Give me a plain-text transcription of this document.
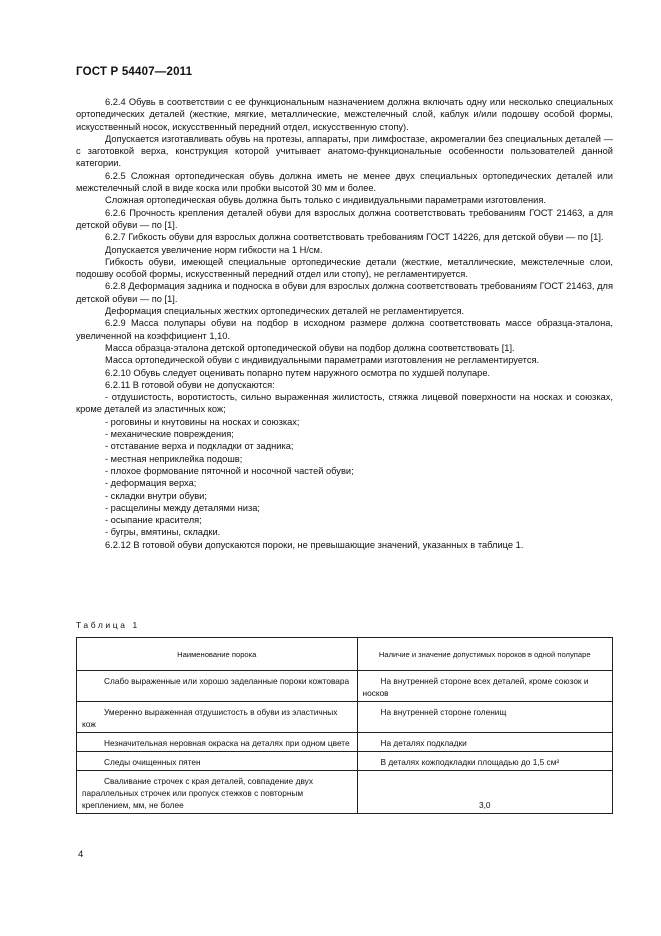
ГОСТ Р 54407—2011

6.2.4 Обувь в соответствии с ее функциональным назначением должна включать одну или несколько специальных ортопедических деталей (жесткие, мягкие, металлические, межстелечный слой, каблук и/или подошву особой формы, искусственный носок, искусственный передний отдел, искусственную стопу).

Допускается изготавливать обувь на протезы, аппараты, при лимфостазе, акромегалии без специальных деталей — с заготовкой верха, конструкция которой учитывает анатомо-функциональные особенности пользователей данной категории.

6.2.5 Сложная ортопедическая обувь должна иметь не менее двух специальных ортопедических деталей или межстелечный слой в виде коска или пробки высотой 30 мм и более.

Сложная ортопедическая обувь должна быть только с индивидуальными параметрами изготовления.

6.2.6 Прочность крепления деталей обуви для взрослых должна соответствовать требованиям ГОСТ 21463, а для детской обуви — по [1].

6.2.7 Гибкость обуви для взрослых должна соответствовать требованиям ГОСТ 14226, для детской обуви — по [1].

Допускается увеличение норм гибкости на 1 Н/см.

Гибкость обуви, имеющей специальные ортопедические детали (жесткие, металлические, межстелечные слои, подошву особой формы, искусственный передний отдел или стопу), не регламентируется.

6.2.8 Деформация задника и подноска в обуви для взрослых должна соответствовать требованиям ГОСТ 21463, для детской обуви — по [1].

Деформация специальных жестких ортопедических деталей не регламентируется.

6.2.9 Масса полупары обуви на подбор в исходном размере должна соответствовать массе образца-эталона, увеличенной на коэффициент 1,10.

Масса образца-эталона детской ортопедической обуви на подбор должна соответствовать [1].

Масса ортопедической обуви с индивидуальными параметрами изготовления не регламентируется.

6.2.10 Обувь следует оценивать попарно путем наружного осмотра по худшей полупаре.

6.2.11 В готовой обуви не допускаются:

- отдушистость, воротистость, сильно выраженная жилистость, стяжка лицевой поверхности на носках и союзках, кроме деталей из эластичных кож;

- роговины и кнутовины на носках и союзках;

- механические повреждения;

- отставание верха и подкладки от задника;

- местная неприклейка подошв;

- плохое формование пяточной и носочной частей обуви;

- деформация верха;

- складки внутри обуви;

- расщелины между деталями низа;

- осыпание красителя;

- бугры, вмятины, складки.

6.2.12 В готовой обуви допускаются пороки, не превышающие значений, указанных в таблице 1.

Таблица 1
Наименование порока	Наличие и значение допустимых пороков в одной полупаре
Слабо выраженные или хорошо заделанные пороки кожтовара	На внутренней стороне всех деталей, кроме союзок и носков
Умеренно выраженная отдушистость в обуви из эластичных кож	На внутренней стороне голенищ
Незначительная неровная окраска на деталях при одном цвете	На деталях подкладки
Следы очищенных пятен	В деталях кожподкладки площадью до 1,5 см²
Сваливание строчек с края деталей, совпадение двух параллельных строчек или пропуск стежков с повторным креплением, мм, не более	3,0
4
